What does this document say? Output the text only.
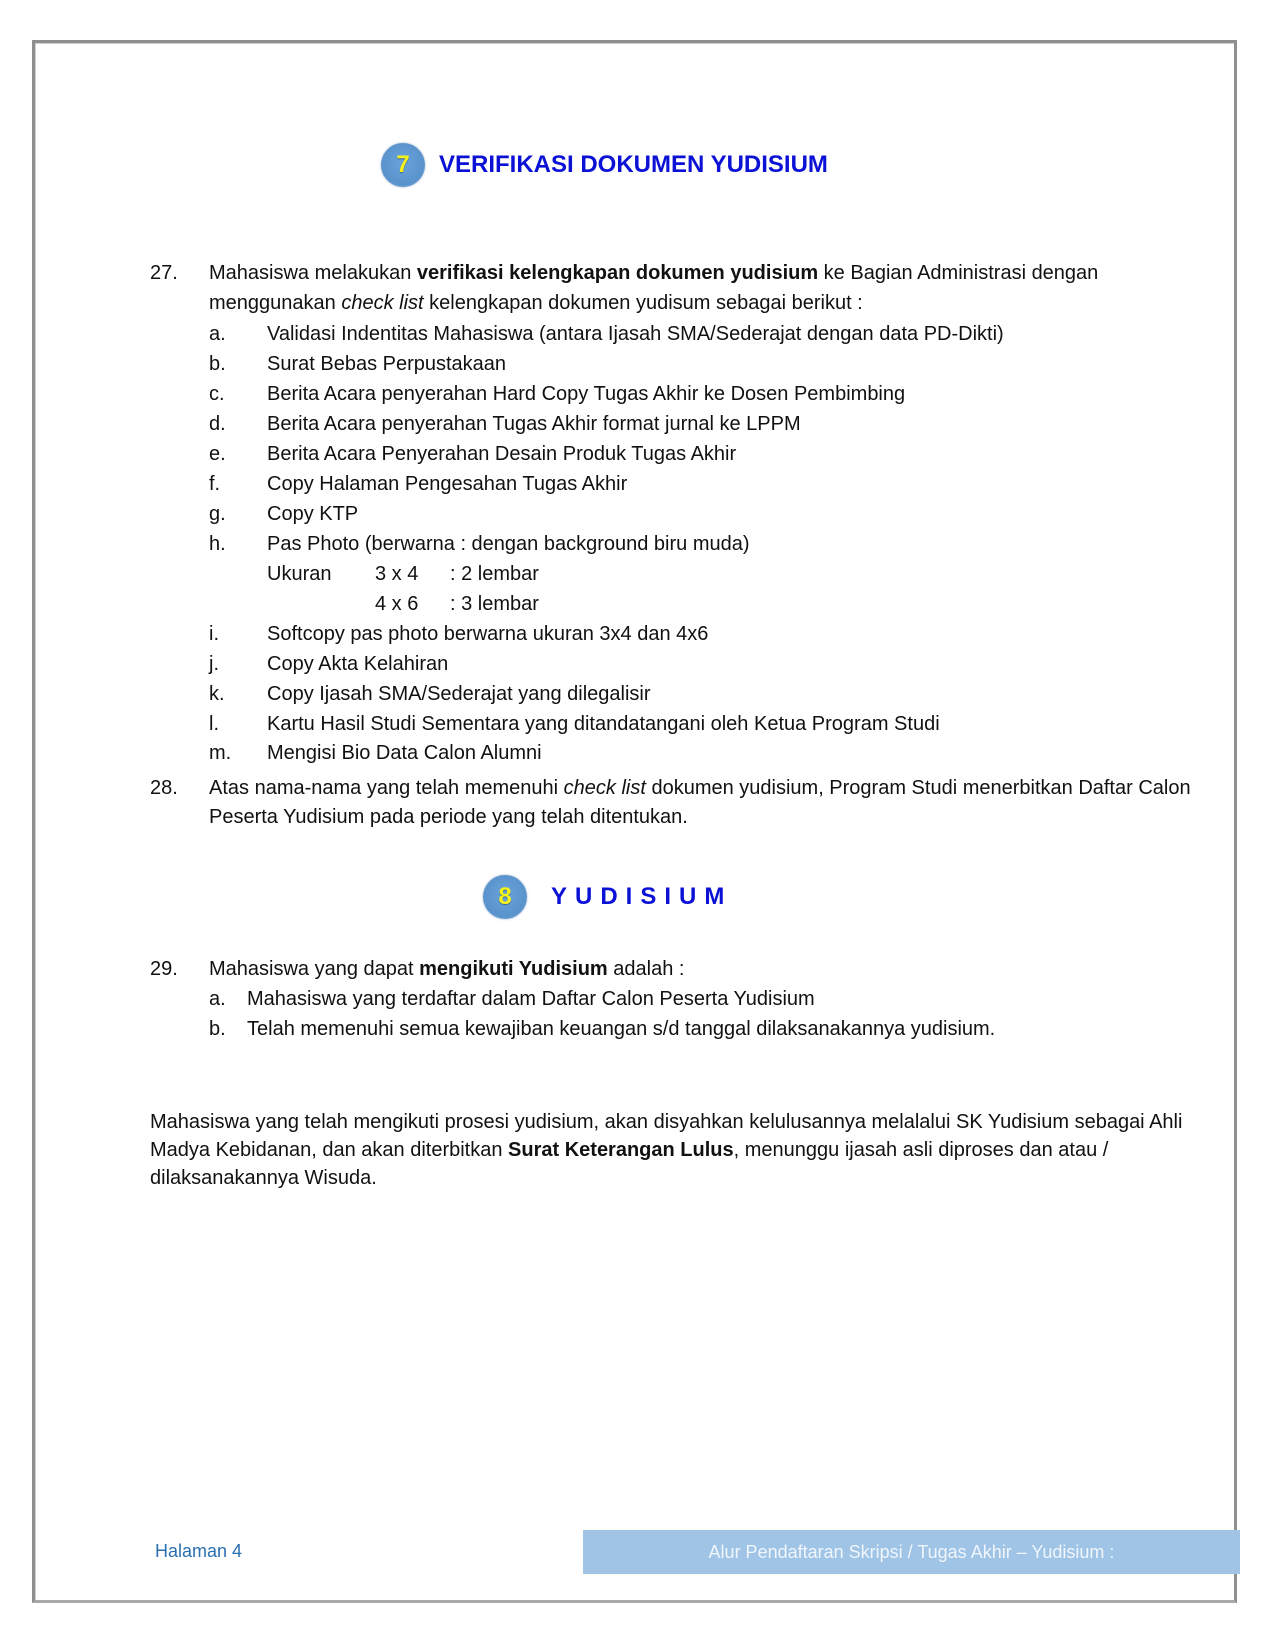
7 VERIFIKASI DOKUMEN YUDISIUM
27. Mahasiswa melakukan verifikasi kelengkapan dokumen yudisium ke Bagian Administrasi dengan
menggunakan check list kelengkapan dokumen yudisum sebagai berikut :
a. Validasi Indentitas Mahasiswa (antara Ijasah SMA/Sederajat dengan data PD-Dikti)
b. Surat Bebas Perpustakaan
c. Berita Acara penyerahan Hard Copy Tugas Akhir ke Dosen Pembimbing
d. Berita Acara penyerahan Tugas Akhir format jurnal ke LPPM
e. Berita Acara Penyerahan Desain Produk Tugas Akhir
f. Copy Halaman Pengesahan Tugas Akhir
g. Copy KTP
h. Pas Photo (berwarna : dengan background biru muda)
i. Softcopy pas photo berwarna ukuran 3x4 dan 4x6
j. Copy Akta Kelahiran
k. Copy Ijasah SMA/Sederajat yang dilegalisir
l. Kartu Hasil Studi Sementara yang ditandatangani oleh Ketua Program Studi
m. Mengisi Bio Data Calon Alumni
Ukuran 3 x 4 : 2 lembar
4 x 6 : 3 lembar
28. Atas nama-nama yang telah memenuhi check list dokumen yudisium, Program Studi menerbitkan Daftar Calon
Peserta Yudisium pada periode yang telah ditentukan.
8 YUDISIUM
29. Mahasiswa yang dapat mengikuti Yudisium adalah :
a. Mahasiswa yang terdaftar dalam Daftar Calon Peserta Yudisium
b. Telah memenuhi semua kewajiban keuangan s/d tanggal dilaksanakannya yudisium.
Mahasiswa yang telah mengikuti prosesi yudisium, akan disyahkan kelulusannya melalalui SK Yudisium sebagai Ahli Madya Kebidanan, dan akan diterbitkan Surat Keterangan Lulus, menunggu ijasah asli diproses dan atau / dilaksanakannya Wisuda.
Halaman 4	Alur Pendaftaran Skripsi / Tugas Akhir – Yudisium :
